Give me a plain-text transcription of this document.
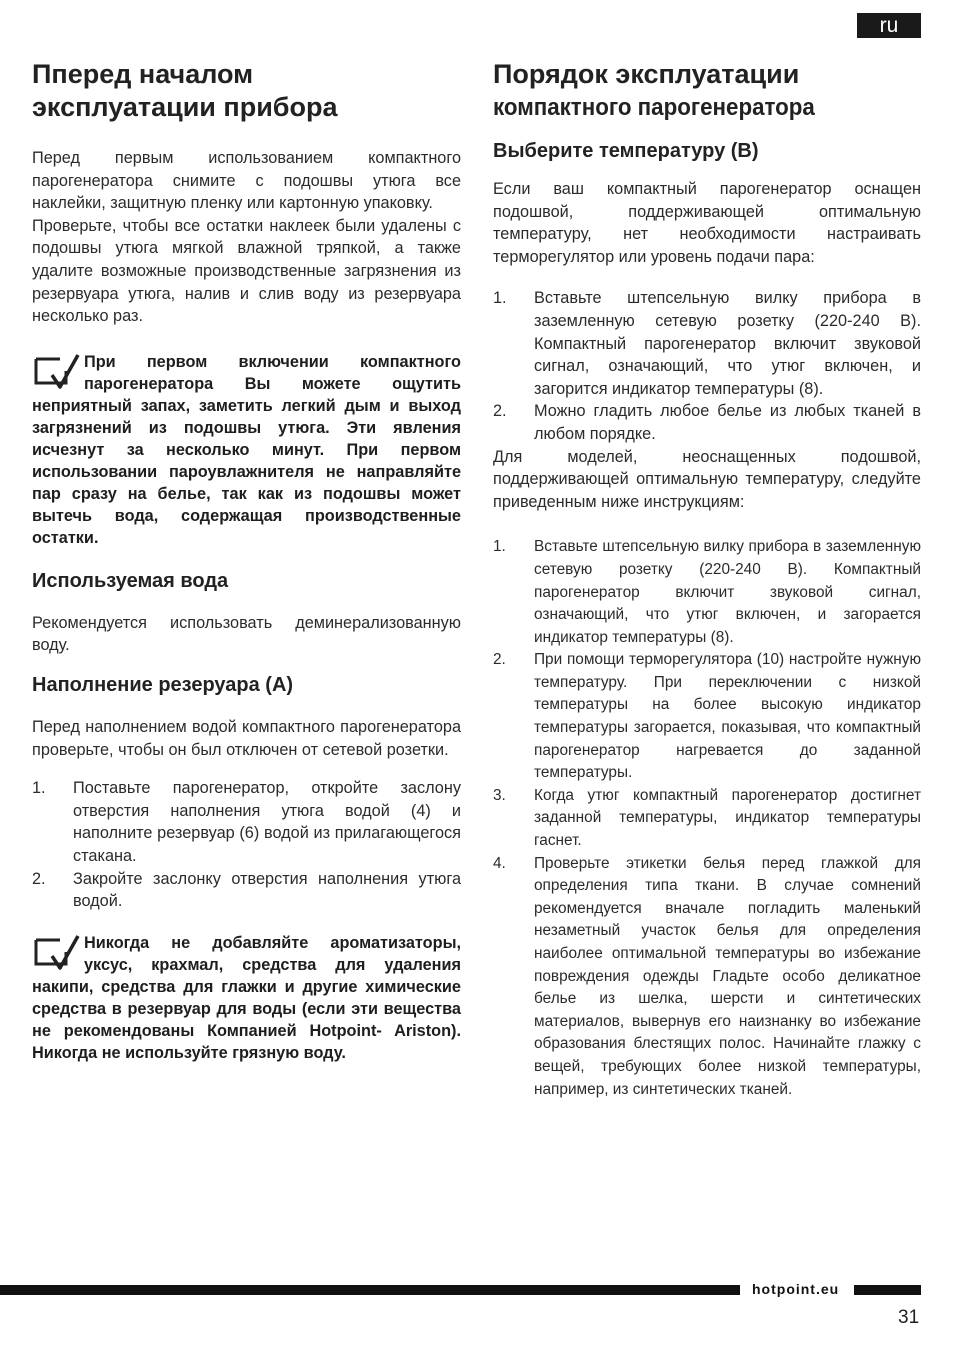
ru
Пперед началом
эксплуатации прибора

Перед первым использованием компактного парогенератора снимите с подошвы утюга все наклейки, защитную пленку или картонную упаковку.

Проверьте, чтобы все остатки наклеек были удалены с подошвы утюга мягкой влажной тряпкой, а также удалите возможные производственные загрязнения из резервуара утюга, налив и слив воду из резервуара несколько раз.

При первом включении компактного парогенератора Вы можете ощутить неприятный запах, заметить легкий дым и выход загрязнений из подошвы утюга. Эти явления исчезнут за несколько минут. При первом использовании пароувлажнителя не направляйте пар сразу на белье, так как из подошвы может вытечь вода, содержащая производственные остатки.
Используемая вода

Рекомендуется использовать деминерализованную воду.

Наполнение резеруара (A)

Перед наполнением водой компактного парогенератора проверьте, чтобы он был отключен от сетевой розетки.

1.	Поставьте парогенератор, откройте заслону отверстия наполнения утюга водой (4) и наполните резервуар (6) водой из прилагающегося стакана.
2.	Закройте заслонку отверстия наполнения утюга водой.
Никогда не добавляйте ароматизаторы, уксус, крахмал, средства для удаления накипи, средства для глажки и другие химические средства в резервуар для воды (если эти вещества не рекомендованы Компанией Hotpoint- Ariston). Никогда не используйте грязную воду.
Порядок эксплуатации
компактного парогенератора
Выберите температуру (B)

Если ваш компактный парогенератор оснащен подошвой, поддерживающей оптимальную температуру, нет необходимости настраивать терморегулятор или уровень подачи пара:

1.	Вставьте штепсельную вилку прибора в заземленную сетевую розетку (220-240 В). Компактный парогенератор включит звуковой сигнал, означающий, что утюг включен, и загорится индикатор температуры (8).
2.	Можно гладить любое белье из любых тканей в любом порядке.

Для моделей, неоснащенных подошвой, поддерживающей оптимальную температуру, следуйте приведенным ниже инструкциям:

1.	Вставьте штепсельную вилку прибора в заземленную сетевую розетку (220-240 В). Компактный парогенератор включит звуковой сигнал, означающий, что утюг включен, и загорается индикатор температуры (8).
2.	При помощи терморегулятора (10) настройте нужную температуру. При переключении с низкой температуры на более высокую индикатор температуры загорается, показывая, что компактный парогенератор нагревается до заданной температуры.
3.	Когда утюг компактный парогенератор достигнет заданной температуры, индикатор температуры гаснет.
4.	Проверьте этикетки белья перед глажкой для определения типа ткани. В случае сомнений рекомендуется вначале погладить маленький незаметный участок белья для определения наиболее оптимальной температуры во избежание повреждения одежды Гладьте особо деликатное белье из шелка, шерсти и синтетических материалов, вывернув его наизнанку во избежание образования блестящих полос. Начинайте глажку с вещей, требующих более низкой температуры, например, из синтетических тканей.
hotpoint.eu
31
